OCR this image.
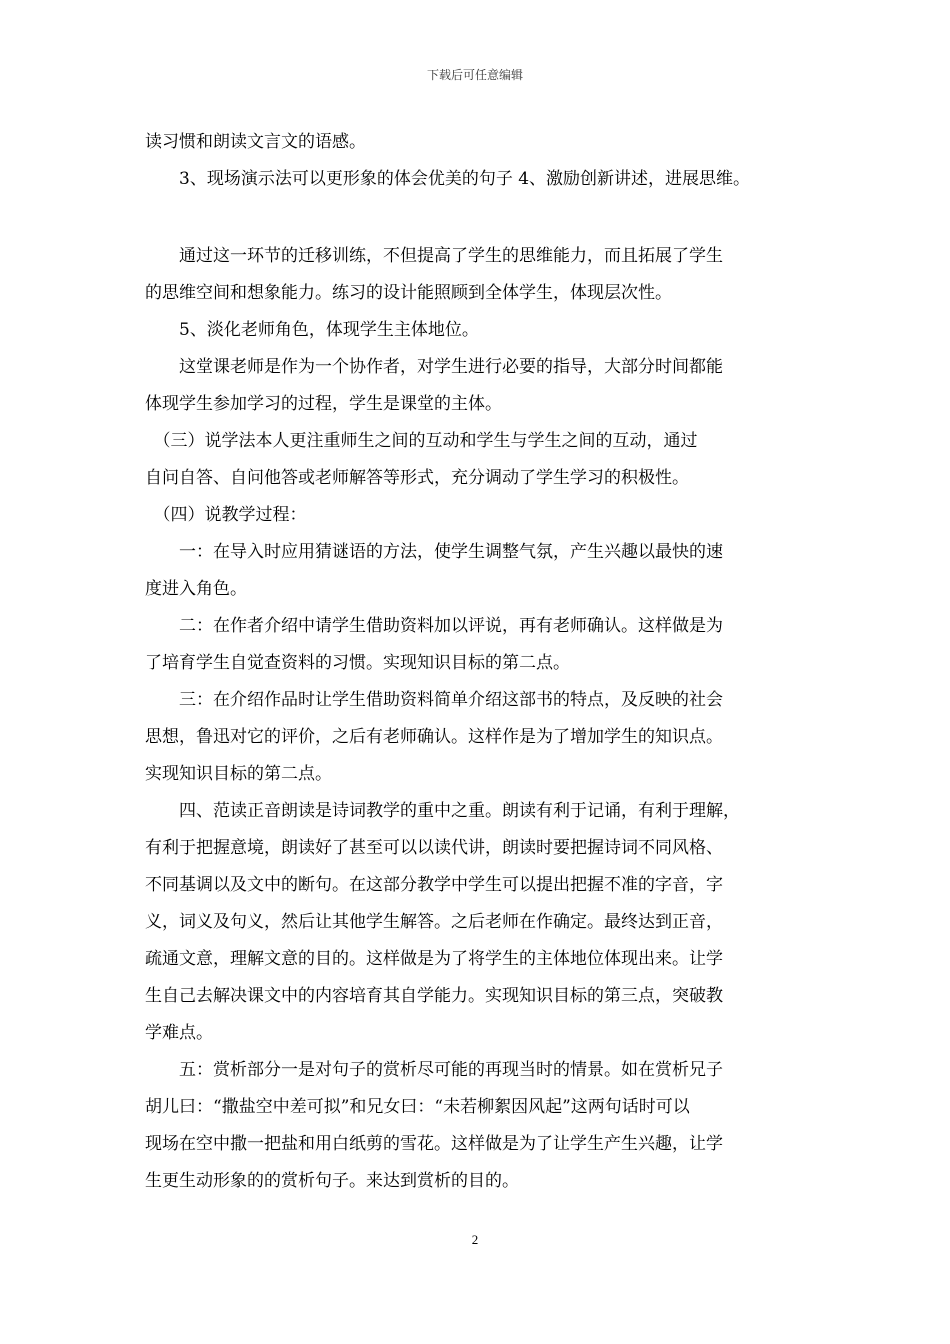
下载后可任意编辑
读习惯和朗读文言文的语感。
　　3、现场演示法可以更形象的体会优美的句子 4、激励创新讲述，进展思维。
　　通过这一环节的迁移训练，不但提高了学生的思维能力，而且拓展了学生
的思维空间和想象能力。练习的设计能照顾到全体学生，体现层次性。
　　5、淡化老师角色，体现学生主体地位。
　　这堂课老师是作为一个协作者，对学生进行必要的指导，大部分时间都能
体现学生参加学习的过程，学生是课堂的主体。
　（三）说学法本人更注重师生之间的互动和学生与学生之间的互动，通过
自问自答、自问他答或老师解答等形式，充分调动了学生学习的积极性。
　（四）说教学过程：
　　一：在导入时应用猜谜语的方法，使学生调整气氛，产生兴趣以最快的速
度进入角色。
　　二：在作者介绍中请学生借助资料加以评说，再有老师确认。这样做是为
了培育学生自觉查资料的习惯。实现知识目标的第二点。
　　三：在介绍作品时让学生借助资料简单介绍这部书的特点，及反映的社会
思想，鲁迅对它的评价，之后有老师确认。这样作是为了增加学生的知识点。
实现知识目标的第二点。
　　四、范读正音朗读是诗词教学的重中之重。朗读有利于记诵，有利于理解，
有利于把握意境，朗读好了甚至可以以读代讲，朗读时要把握诗词不同风格、
不同基调以及文中的断句。在这部分教学中学生可以提出把握不准的字音，字
义，词义及句义，然后让其他学生解答。之后老师在作确定。最终达到正音，
疏通文意，理解文意的目的。这样做是为了将学生的主体地位体现出来。让学
生自己去解决课文中的内容培育其自学能力。实现知识目标的第三点，突破教
学难点。
　　五：赏析部分一是对句子的赏析尽可能的再现当时的情景。如在赏析兄子
胡儿曰：“撒盐空中差可拟”和兄女曰：“未若柳絮因风起”这两句话时可以
现场在空中撒一把盐和用白纸剪的雪花。这样做是为了让学生产生兴趣，让学
生更生动形象的的赏析句子。来达到赏析的目的。
2
